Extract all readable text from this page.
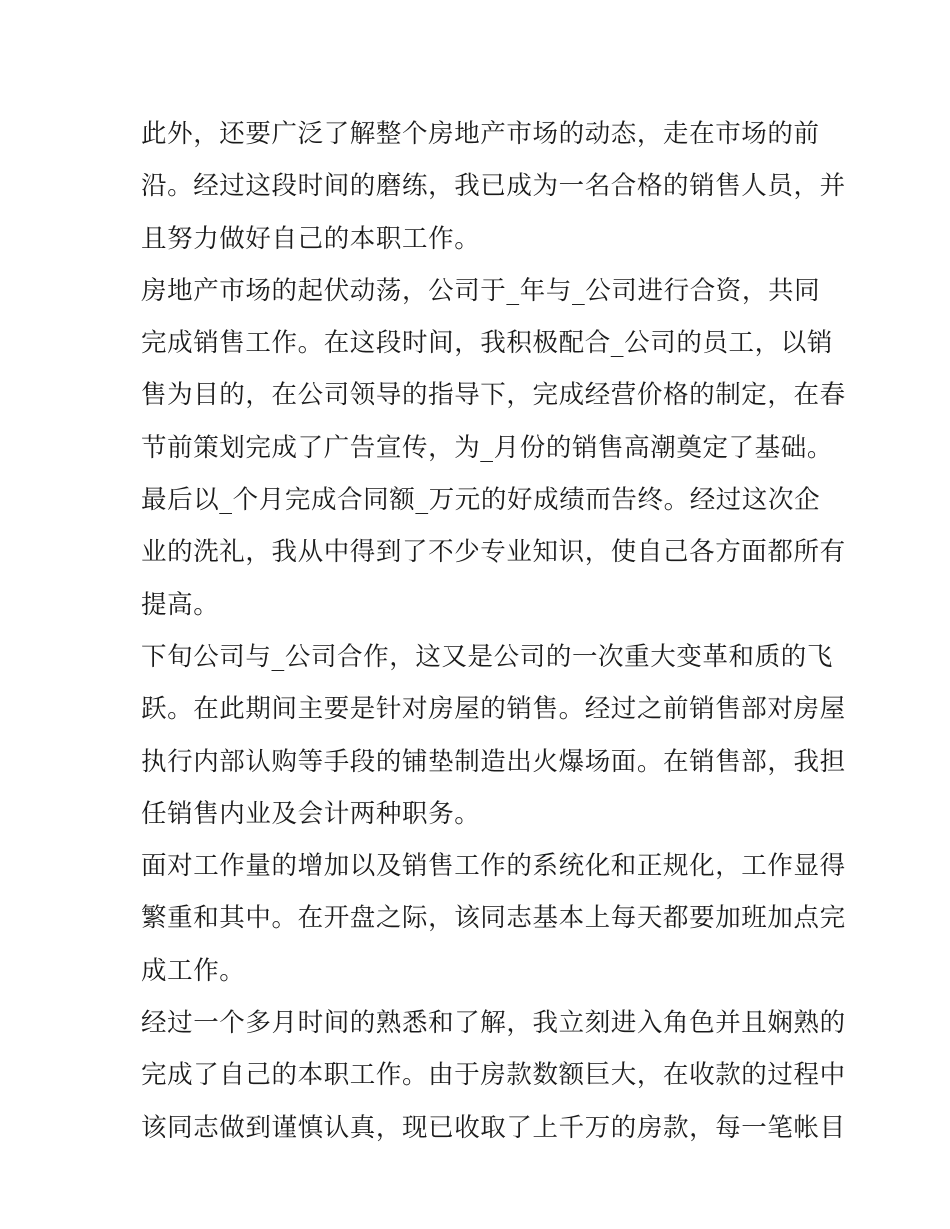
此外，还要广泛了解整个房地产市场的动态，走在市场的前
沿。经过这段时间的磨练，我已成为一名合格的销售人员，并
且努力做好自己的本职工作。
房地产市场的起伏动荡，公司于_年与_公司进行合资，共同
完成销售工作。在这段时间，我积极配合_公司的员工，以销
售为目的，在公司领导的指导下，完成经营价格的制定，在春
节前策划完成了广告宣传，为_月份的销售高潮奠定了基础。
最后以_个月完成合同额_万元的好成绩而告终。经过这次企
业的洗礼，我从中得到了不少专业知识，使自己各方面都所有
提高。
下旬公司与_公司合作，这又是公司的一次重大变革和质的飞
跃。在此期间主要是针对房屋的销售。经过之前销售部对房屋
执行内部认购等手段的铺垫制造出火爆场面。在销售部，我担
任销售内业及会计两种职务。
面对工作量的增加以及销售工作的系统化和正规化，工作显得
繁重和其中。在开盘之际，该同志基本上每天都要加班加点完
成工作。
经过一个多月时间的熟悉和了解，我立刻进入角色并且娴熟的
完成了自己的本职工作。由于房款数额巨大，在收款的过程中
该同志做到谨慎认真，现已收取了上千万的房款，每一笔帐目
